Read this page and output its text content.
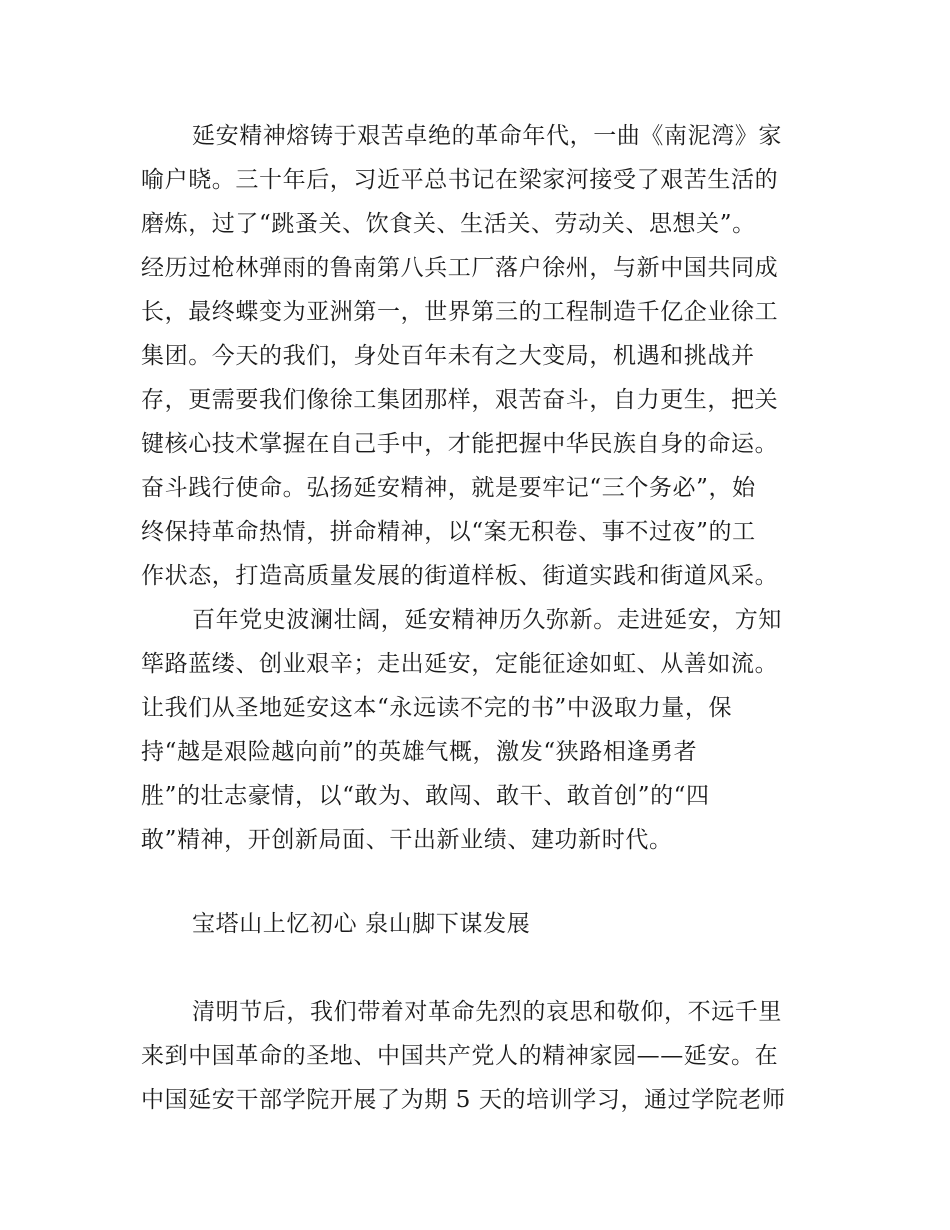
延安精神熔铸于艰苦卓绝的革命年代，一曲《南泥湾》家
喻户晓。三十年后，习近平总书记在梁家河接受了艰苦生活的
磨炼，过了“跳蚤关、饮食关、生活关、劳动关、思想关”。
经历过枪林弹雨的鲁南第八兵工厂落户徐州，与新中国共同成
长，最终蝶变为亚洲第一，世界第三的工程制造千亿企业徐工
集团。今天的我们，身处百年未有之大变局，机遇和挑战并
存，更需要我们像徐工集团那样，艰苦奋斗，自力更生，把关
键核心技术掌握在自己手中，才能把握中华民族自身的命运。
奋斗践行使命。弘扬延安精神，就是要牢记“三个务必”，始
终保持革命热情，拼命精神，以“案无积卷、事不过夜”的工
作状态，打造高质量发展的街道样板、街道实践和街道风采。
百年党史波澜壮阔，延安精神历久弥新。走进延安，方知
筚路蓝缕、创业艰辛；走出延安，定能征途如虹、从善如流。
让我们从圣地延安这本“永远读不完的书”中汲取力量，保
持“越是艰险越向前”的英雄气概，激发“狭路相逢勇者
胜”的壮志豪情，以“敢为、敢闯、敢干、敢首创”的“四
敢”精神，开创新局面、干出新业绩、建功新时代。
宝塔山上忆初心 泉山脚下谋发展
清明节后，我们带着对革命先烈的哀思和敬仰，不远千里
来到中国革命的圣地、中国共产党人的精神家园——延安。在
中国延安干部学院开展了为期 5 天的培训学习，通过学院老师
